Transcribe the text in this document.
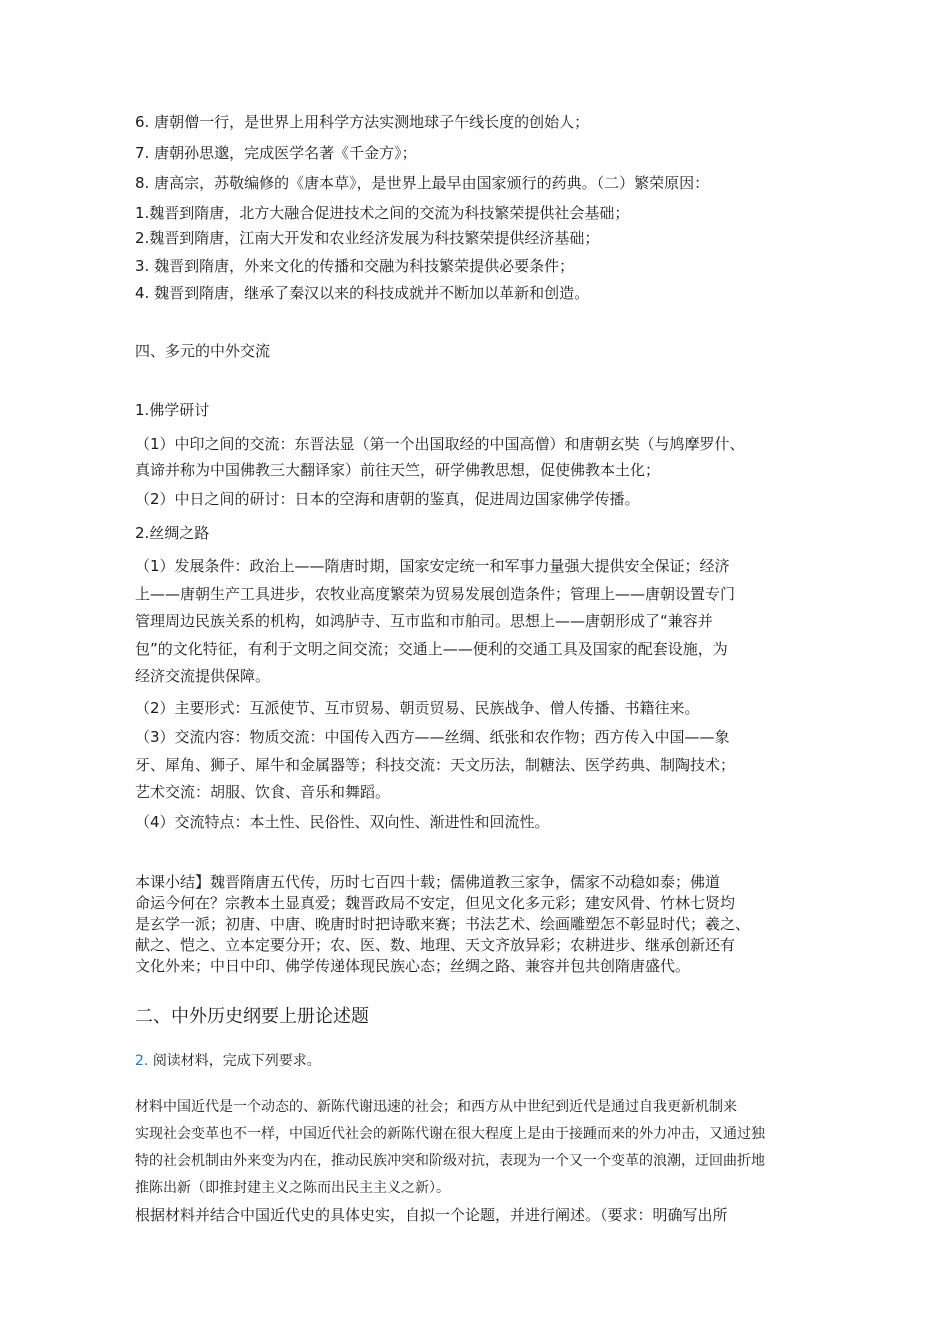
6. 唐朝僧一行，是世界上用科学方法实测地球子午线长度的创始人；
7. 唐朝孙思邈，完成医学名著《千金方》；
8. 唐高宗，苏敬编修的《唐本草》，是世界上最早由国家颁行的药典。（二）繁荣原因：
1.魏晋到隋唐，北方大融合促进技术之间的交流为科技繁荣提供社会基础；
2.魏晋到隋唐，江南大开发和农业经济发展为科技繁荣提供经济基础；
3. 魏晋到隋唐，外来文化的传播和交融为科技繁荣提供必要条件；
4. 魏晋到隋唐，继承了秦汉以来的科技成就并不断加以革新和创造。
四、多元的中外交流
1.佛学研讨
（1）中印之间的交流：东晋法显（第一个出国取经的中国高僧）和唐朝玄奘（与鸠摩罗什、
真谛并称为中国佛教三大翻译家）前往天竺，研学佛教思想，促使佛教本土化；
（2）中日之间的研讨：日本的空海和唐朝的鉴真，促进周边国家佛学传播。
2.丝绸之路
（1）发展条件：政治上——隋唐时期，国家安定统一和军事力量强大提供安全保证；经济
上——唐朝生产工具进步，农牧业高度繁荣为贸易发展创造条件；管理上——唐朝设置专门
管理周边民族关系的机构，如鸿胪寺、互市监和市舶司。思想上——唐朝形成了“兼容并
包”的文化特征，有利于文明之间交流；交通上——便利的交通工具及国家的配套设施，为
经济交流提供保障。
（2）主要形式：互派使节、互市贸易、朝贡贸易、民族战争、僧人传播、书籍往来。
（3）交流内容：物质交流：中国传入西方——丝绸、纸张和农作物；西方传入中国——象
牙、犀角、狮子、犀牛和金属器等；科技交流：天文历法，制糖法、医学药典、制陶技术；
艺术交流：胡服、饮食、音乐和舞蹈。
（4）交流特点：本土性、民俗性、双向性、渐进性和回流性。
本课小结】魏晋隋唐五代传，历时七百四十载；儒佛道教三家争，儒家不动稳如泰；佛道
命运今何在？宗教本土显真爱；魏晋政局不安定，但见文化多元彩；建安风骨、竹林七贤均
是玄学一派；初唐、中唐、晚唐时时把诗歌来赛；书法艺术、绘画雕塑怎不彰显时代；羲之、
献之、恺之、立本定要分开；农、医、数、地理、天文齐放异彩；农耕进步、继承创新还有
文化外来；中日中印、佛学传递体现民族心态；丝绸之路、兼容并包共创隋唐盛代。
二、中外历史纲要上册论述题
2. 阅读材料，完成下列要求。
材料中国近代是一个动态的、新陈代谢迅速的社会；和西方从中世纪到近代是通过自我更新机制来
实现社会变革也不一样，中国近代社会的新陈代谢在很大程度上是由于接踵而来的外力冲击，又通过独
特的社会机制由外来变为内在，推动民族冲突和阶级对抗，表现为一个又一个变革的浪潮，迂回曲折地
推陈出新（即推封建主义之陈而出民主主义之新）。
根据材料并结合中国近代史的具体史实，自拟一个论题，并进行阐述。（要求：明确写出所
